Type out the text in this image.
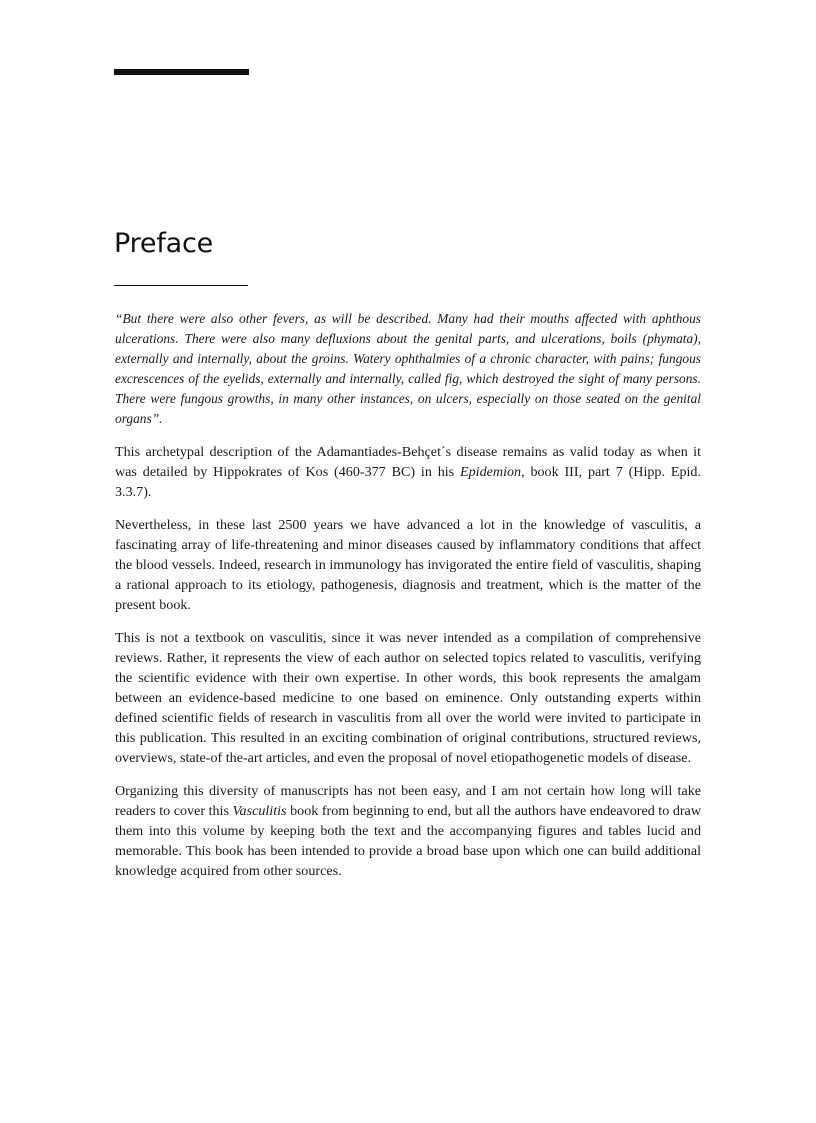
Preface

“But there were also other fevers, as will be described. Many had their mouths affected with aphthous ulcerations. There were also many defluxions about the genital parts, and ulcerations, boils (phymata), externally and internally, about the groins. Watery ophthalmies of a chronic character, with pains; fungous excrescences of the eyelids, externally and internally, called fig, which destroyed the sight of many persons. There were fungous growths, in many other instances, on ulcers, especially on those seated on the genital organs”.

This archetypal description of the Adamantiades-Behçet´s disease remains as valid today as when it was detailed by Hippokrates of Kos (460-377 BC) in his Epidemion, book III, part 7 (Hipp. Epid. 3.3.7).

Nevertheless, in these last 2500 years we have advanced a lot in the knowledge of vasculitis, a fascinating array of life-threatening and minor diseases caused by inflammatory conditions that affect the blood vessels. Indeed, research in immunology has invigorated the entire field of vasculitis, shaping a rational approach to its etiology, pathogenesis, diagnosis and treatment, which is the matter of the present book.

This is not a textbook on vasculitis, since it was never intended as a compilation of comprehensive reviews. Rather, it represents the view of each author on selected topics related to vasculitis, verifying the scientific evidence with their own expertise. In other words, this book represents the amalgam between an evidence-based medicine to one based on eminence. Only outstanding experts within defined scientific fields of research in vasculitis from all over the world were invited to participate in this publication. This resulted in an exciting combination of original contributions, structured reviews, overviews, state-of the-art articles, and even the proposal of novel etiopathogenetic models of disease.

Organizing this diversity of manuscripts has not been easy, and I am not certain how long will take readers to cover this Vasculitis book from beginning to end, but all the authors have endeavored to draw them into this volume by keeping both the text and the accompanying figures and tables lucid and memorable. This book has been intended to provide a broad base upon which one can build additional knowledge acquired from other sources.
